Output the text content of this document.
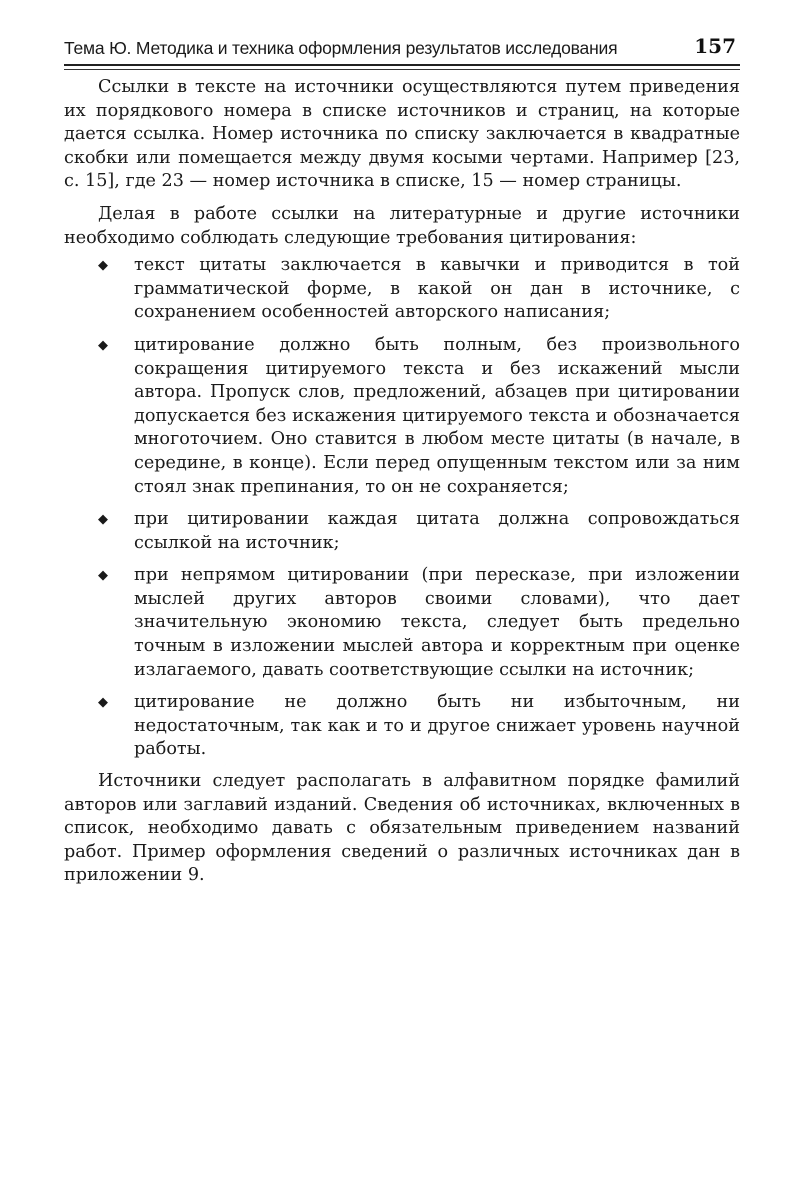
Тема Ю. Методика и техника оформления результатов исследования	157

Ссылки в тексте на источники осуществляются путем приведения их порядкового номера в списке источников и страниц, на которые дается ссылка. Номер источника по списку заключается в квадратные скобки или помещается между двумя косыми чертами. Например [23, с. 15], где 23 — номер источника в списке, 15 — номер страницы.

Делая в работе ссылки на литературные и другие источники необходимо соблюдать следующие требования цитирования:

◆ текст цитаты заключается в кавычки и приводится в той грамматической форме, в какой он дан в источнике, с сохранением особенностей авторского написания;
◆ цитирование должно быть полным, без произвольного сокращения цитируемого текста и без искажений мысли автора. Пропуск слов, предложений, абзацев при цитировании допускается без искажения цитируемого текста и обозначается многоточием. Оно ставится в любом месте цитаты (в начале, в середине, в конце). Если перед опущенным текстом или за ним стоял знак препинания, то он не сохраняется;
◆ при цитировании каждая цитата должна сопровождаться ссылкой на источник;
◆ при непрямом цитировании (при пересказе, при изложении мыслей других авторов своими словами), что дает значительную экономию текста, следует быть предельно точным в изложении мыслей автора и корректным при оценке излагаемого, давать соответствующие ссылки на источник;
◆ цитирование не должно быть ни избыточным, ни недостаточным, так как и то и другое снижает уровень научной работы.

Источники следует располагать в алфавитном порядке фамилий авторов или заглавий изданий. Сведения об источниках, включенных в список, необходимо давать с обязательным приведением названий работ. Пример оформления сведений о различных источниках дан в приложении 9.
